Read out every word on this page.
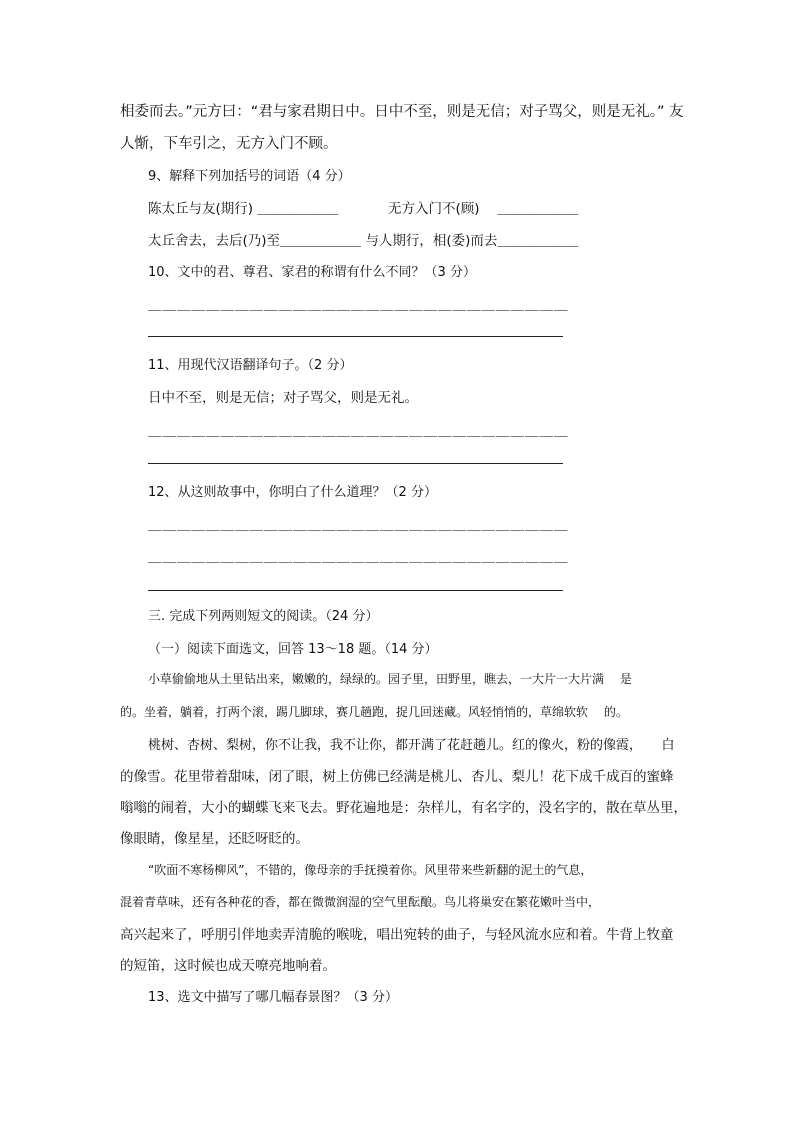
相委而去。”元方曰：“君与家君期日中。日中不至，则是无信；对子骂父，则是无礼。” 友
人惭，下车引之，无方入门不顾。
9、解释下列加括号的词语（4 分）
陈太丘与友(期行) ＿＿＿＿＿＿	无方入门不(顾)　 ＿＿＿＿＿＿
太丘舍去，去后(乃)至＿＿＿＿＿＿ 与人期行，相(委)而去＿＿＿＿＿＿
10、文中的君、尊君、家君的称谓有什么不同？（3 分）
＿＿＿＿＿＿＿＿＿＿＿＿＿＿＿＿＿＿＿＿＿＿＿＿＿＿＿＿＿
11、用现代汉语翻译句子。（2 分）
日中不至，则是无信；对子骂父，则是无礼。
＿＿＿＿＿＿＿＿＿＿＿＿＿＿＿＿＿＿＿＿＿＿＿＿＿＿＿＿＿
12、从这则故事中，你明白了什么道理？（2 分）
＿＿＿＿＿＿＿＿＿＿＿＿＿＿＿＿＿＿＿＿＿＿＿＿＿＿＿＿＿
＿＿＿＿＿＿＿＿＿＿＿＿＿＿＿＿＿＿＿＿＿＿＿＿＿＿＿＿＿
三. 完成下列两则短文的阅读。（24 分）
（一）阅读下面选文，回答 13～18 题。（14 分）
小草偷偷地从土里钻出来，嫩嫩的，绿绿的。园子里，田野里，瞧去，一大片一大片满　 是
的。坐着，躺着，打两个滚，踢几脚球，赛几趟跑，捉几回迷藏。风轻悄悄的，草绵软软　 的。
桃树、杏树、梨树，你不让我，我不让你，都开满了花赶趟儿。红的像火，粉的像霞，　　白
的像雪。花里带着甜味，闭了眼，树上仿佛已经满是桃儿、杏儿、梨儿！花下成千成百的蜜蜂
嗡嗡的闹着，大小的蝴蝶飞来飞去。野花遍地是：杂样儿，有名字的，没名字的，散在草丛里，
像眼睛，像星星，还眨呀眨的。
“吹面不寒杨柳风”，不错的，像母亲的手抚摸着你。风里带来些新翻的泥土的气息，
混着青草味，还有各种花的香，都在微微润湿的空气里酝酿。鸟儿将巢安在繁花嫩叶当中，
高兴起来了，呼朋引伴地卖弄清脆的喉咙，唱出宛转的曲子，与轻风流水应和着。牛背上牧童
的短笛，这时候也成天嘹亮地响着。
13、选文中描写了哪几幅春景图？（3 分）
